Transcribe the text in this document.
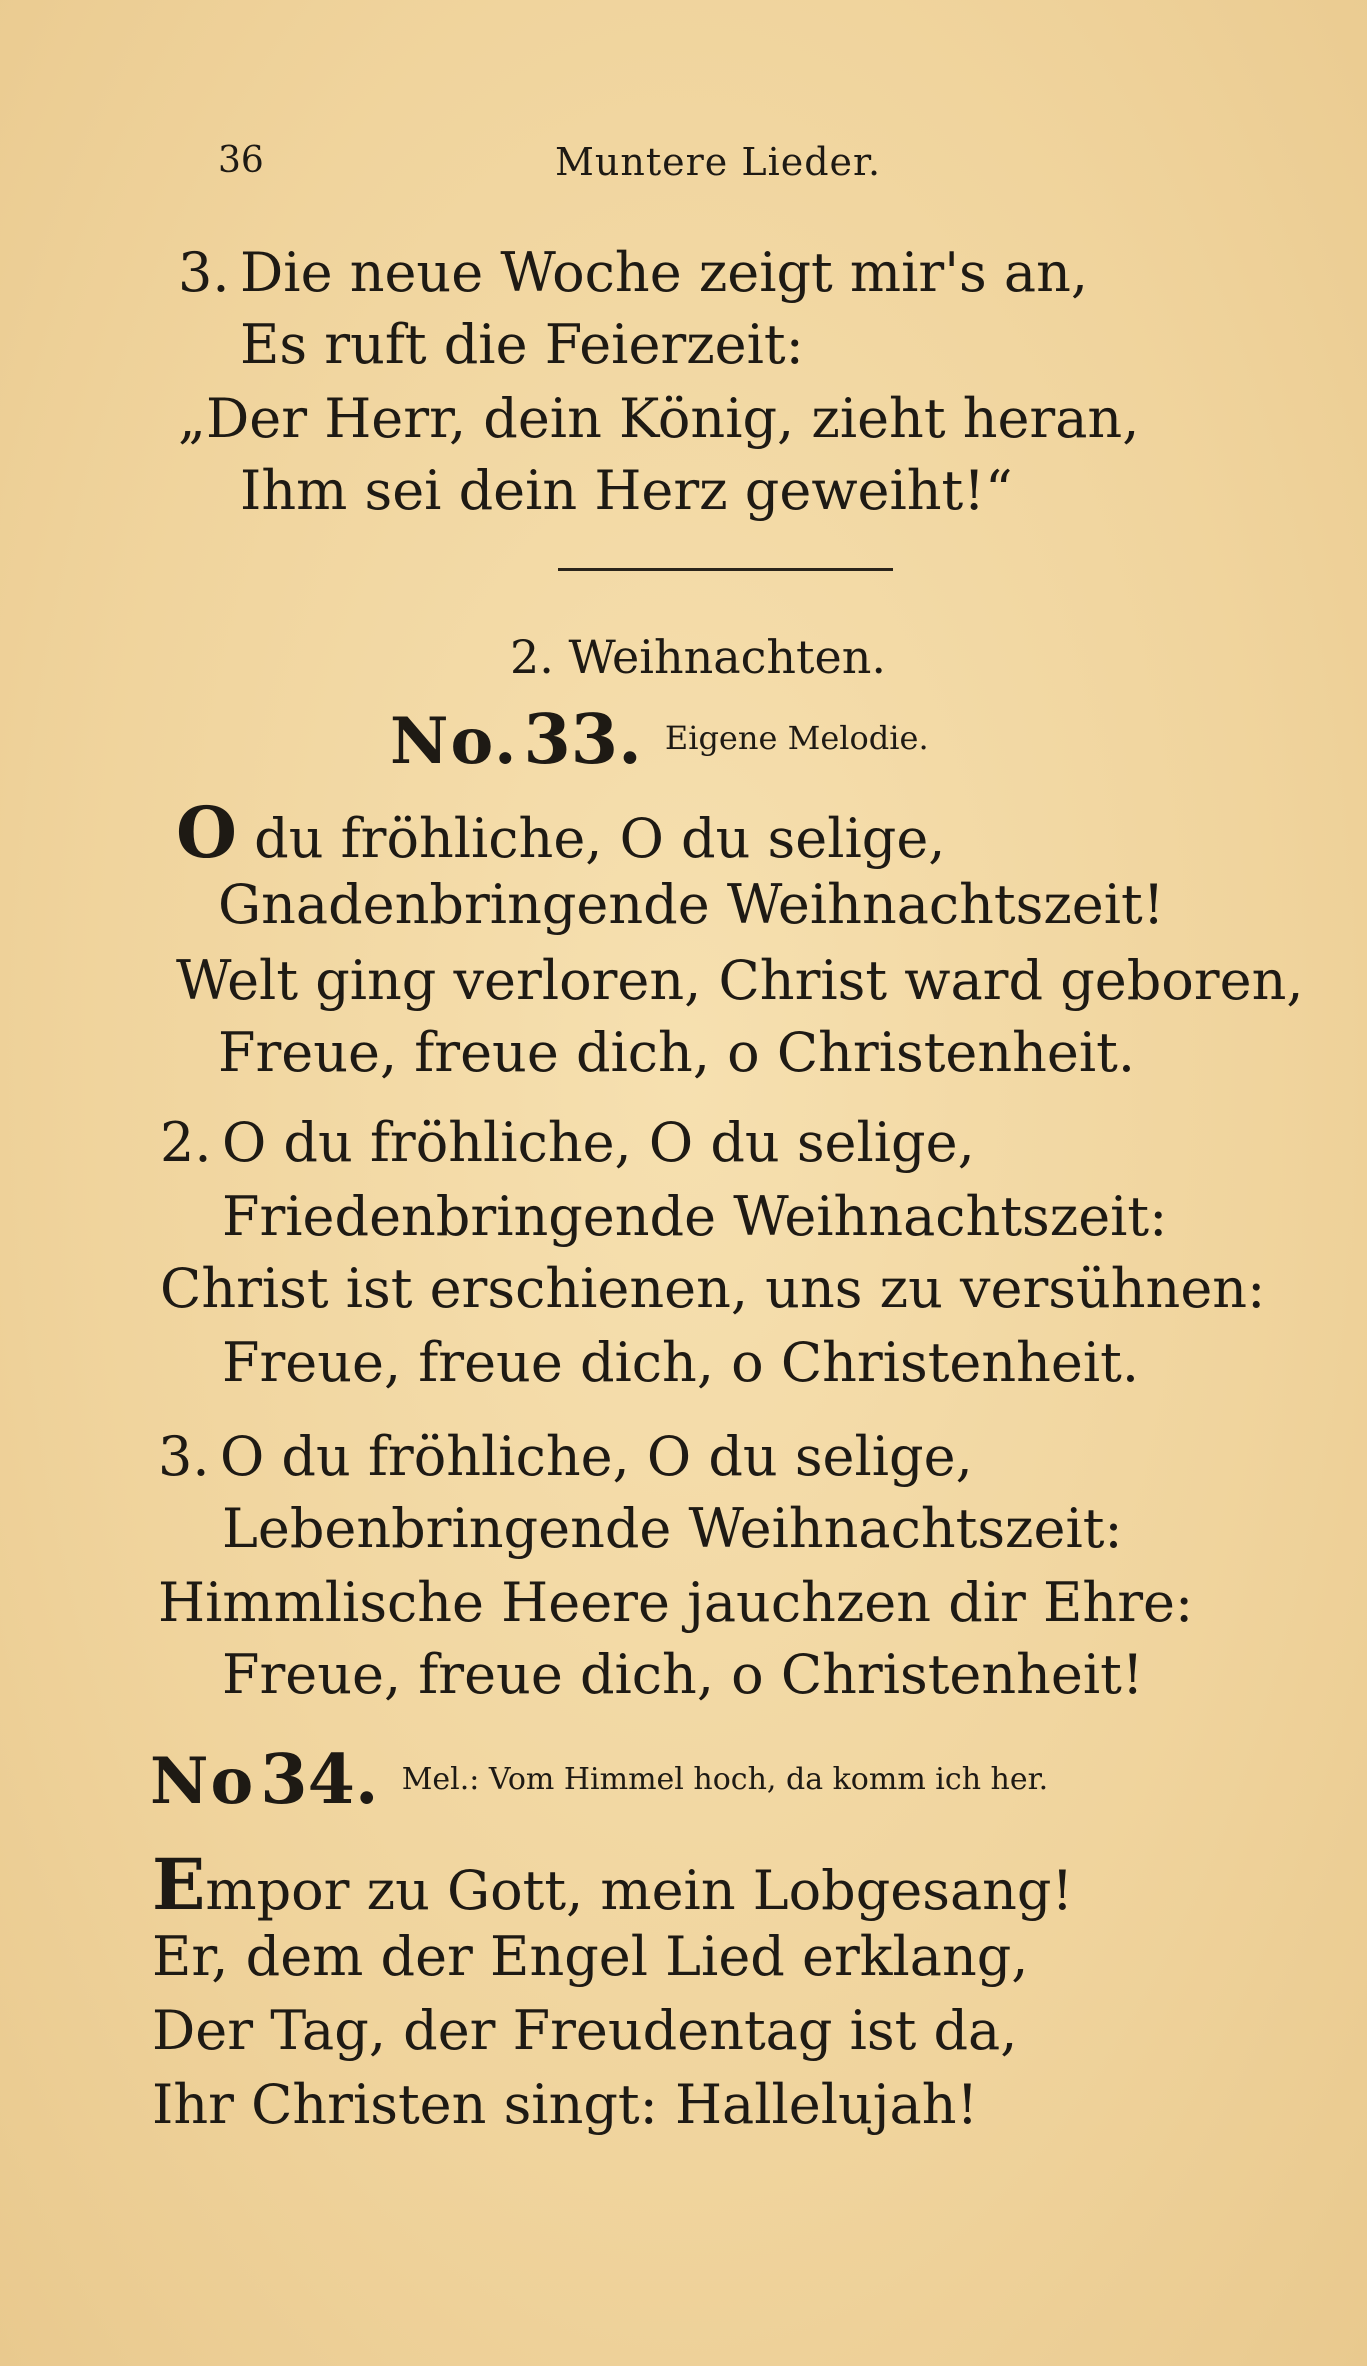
36	Muntere Lieder.
3. Die neue Woche zeigt mir's an,
Es ruft die Feierzeit:
„Der Herr, dein König, zieht heran,
Ihm sei dein Herz geweiht!“
2. Weihnachten.
No. 33. Eigene Melodie.
O du fröhliche, O du selige,
Gnadenbringende Weihnachtszeit!
Welt ging verloren, Christ ward geboren,
Freue, freue dich, o Christenheit.
2. O du fröhliche, O du selige,
Friedenbringende Weihnachtszeit:
Christ ist erschienen, uns zu versühnen:
Freue, freue dich, o Christenheit.
3. O du fröhliche, O du selige,
Lebenbringende Weihnachtszeit:
Himmlische Heere jauchzen dir Ehre:
Freue, freue dich, o Christenheit!
No 34. Mel.: Vom Himmel hoch, da komm ich her.
Empor zu Gott, mein Lobgesang!
Er, dem der Engel Lied erklang,
Der Tag, der Freudentag ist da,
Ihr Christen singt: Hallelujah!
